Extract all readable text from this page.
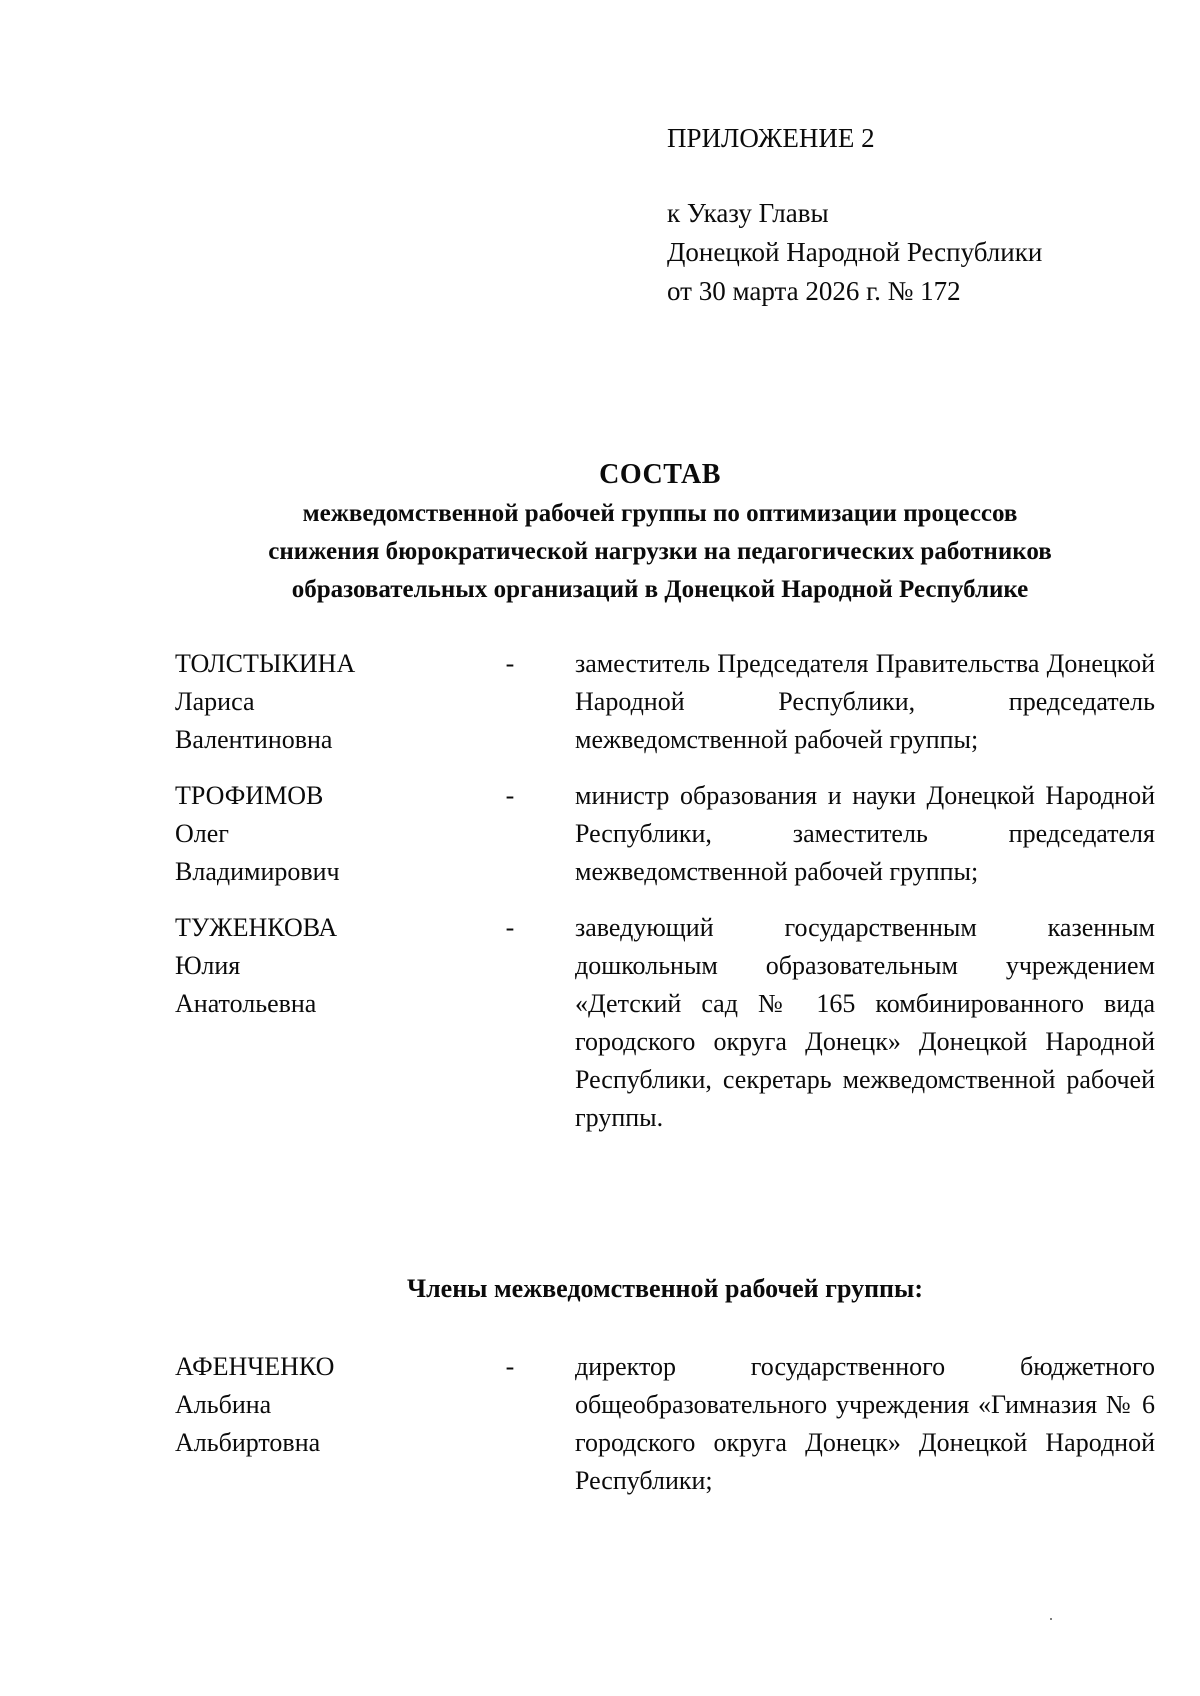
ПРИЛОЖЕНИЕ 2
к Указу Главы
Донецкой Народной Республики
от 30 марта 2026 г. № 172
СОСТАВ
межведомственной рабочей группы по оптимизации процессов
снижения бюрократической нагрузки на педагогических работников
образовательных организаций в Донецкой Народной Республике
ТОЛСТЫКИНА
Лариса
Валентиновна
- заместитель Председателя Правительства Донецкой Народной Республики, председатель межведомственной рабочей группы;
ТРОФИМОВ
Олег
Владимирович
- министр образования и науки Донецкой Народной Республики, заместитель председателя межведомственной рабочей группы;
ТУЖЕНКОВА
Юлия
Анатольевна
- заведующий государственным казенным дошкольным образовательным учреждением «Детский сад № 165 комбинированного вида городского округа Донецк» Донецкой Народной Республики, секретарь межведомственной рабочей группы.
Члены межведомственной рабочей группы:
АФЕНЧЕНКО
Альбина
Альбиртовна
- директор государственного бюджетного общеобразовательного учреждения «Гимназия № 6 городского округа Донецк» Донецкой Народной Республики;
